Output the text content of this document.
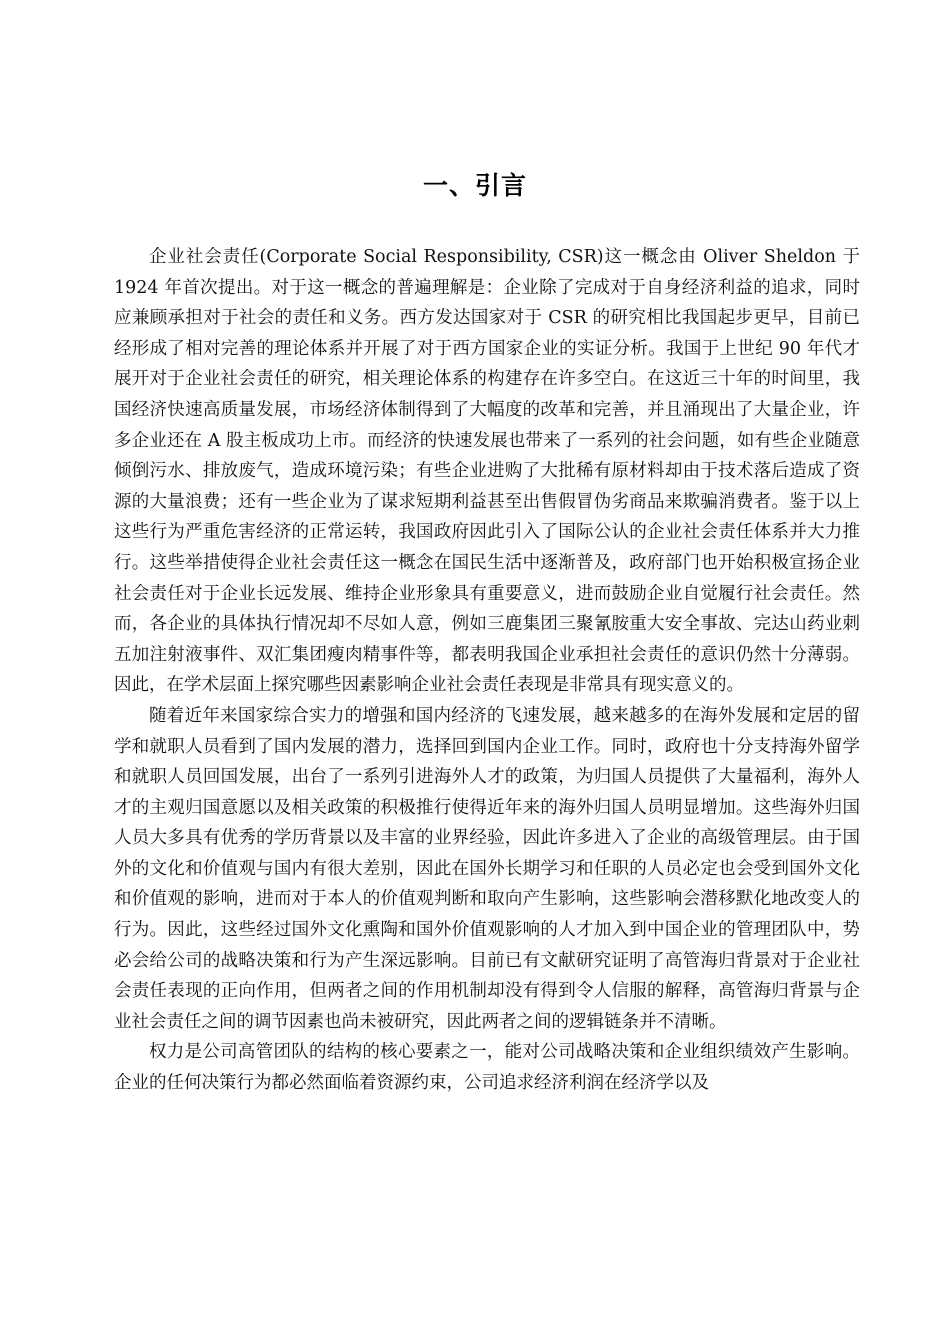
一、引言

企业社会责任(Corporate Social Responsibility, CSR)这一概念由 Oliver Sheldon 于 1924 年首次提出。对于这一概念的普遍理解是：企业除了完成对于自身经济利益的追求，同时应兼顾承担对于社会的责任和义务。西方发达国家对于 CSR 的研究相比我国起步更早，目前已经形成了相对完善的理论体系并开展了对于西方国家企业的实证分析。我国于上世纪 90 年代才展开对于企业社会责任的研究，相关理论体系的构建存在许多空白。在这近三十年的时间里，我国经济快速高质量发展，市场经济体制得到了大幅度的改革和完善，并且涌现出了大量企业，许多企业还在 A 股主板成功上市。而经济的快速发展也带来了一系列的社会问题，如有些企业随意倾倒污水、排放废气，造成环境污染；有些企业进购了大批稀有原材料却由于技术落后造成了资源的大量浪费；还有一些企业为了谋求短期利益甚至出售假冒伪劣商品来欺骗消费者。鉴于以上这些行为严重危害经济的正常运转，我国政府因此引入了国际公认的企业社会责任体系并大力推行。这些举措使得企业社会责任这一概念在国民生活中逐渐普及，政府部门也开始积极宣扬企业社会责任对于企业长远发展、维持企业形象具有重要意义，进而鼓励企业自觉履行社会责任。然而，各企业的具体执行情况却不尽如人意，例如三鹿集团三聚氰胺重大安全事故、完达山药业刺五加注射液事件、双汇集团瘦肉精事件等，都表明我国企业承担社会责任的意识仍然十分薄弱。因此，在学术层面上探究哪些因素影响企业社会责任表现是非常具有现实意义的。

随着近年来国家综合实力的增强和国内经济的飞速发展，越来越多的在海外发展和定居的留学和就职人员看到了国内发展的潜力，选择回到国内企业工作。同时，政府也十分支持海外留学和就职人员回国发展，出台了一系列引进海外人才的政策，为归国人员提供了大量福利，海外人才的主观归国意愿以及相关政策的积极推行使得近年来的海外归国人员明显增加。这些海外归国人员大多具有优秀的学历背景以及丰富的业界经验，因此许多进入了企业的高级管理层。由于国外的文化和价值观与国内有很大差别，因此在国外长期学习和任职的人员必定也会受到国外文化和价值观的影响，进而对于本人的价值观判断和取向产生影响，这些影响会潜移默化地改变人的行为。因此，这些经过国外文化熏陶和国外价值观影响的人才加入到中国企业的管理团队中，势必会给公司的战略决策和行为产生深远影响。目前已有文献研究证明了高管海归背景对于企业社会责任表现的正向作用，但两者之间的作用机制却没有得到令人信服的解释，高管海归背景与企业社会责任之间的调节因素也尚未被研究，因此两者之间的逻辑链条并不清晰。

权力是公司高管团队的结构的核心要素之一，能对公司战略决策和企业组织绩效产生影响。企业的任何决策行为都必然面临着资源约束，公司追求经济利润在经济学以及
